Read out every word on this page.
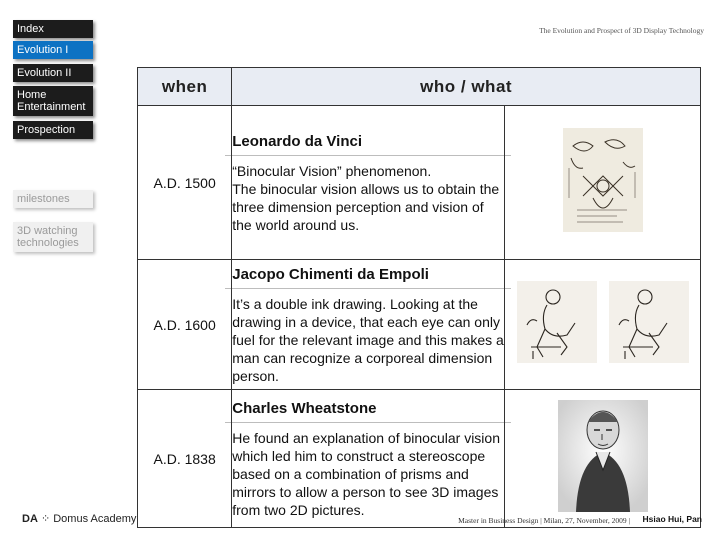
Index
Evolution I
Evolution II
Home Entertainment
Prospection
milestones
3D watching technologies
The Evolution and Prospect of 3D Display Technology
when	who / what	
A.D. 1500	Leonardo da Vinci
“Binocular Vision” phenomenon.
The binocular vision allows us to obtain the three dimension perception and vision of the world around us.

A.D. 1600	Jacopo Chimenti da Empoli
It’s a double ink drawing. Looking at the drawing in a device, that each eye can only fuel for the relevant image and this makes a man can recognize a corporeal dimension person.

A.D. 1838	Charles Wheatstone
He found an explanation of binocular vision which led him to construct a stereoscope based on a combination of prisms and mirrors to allow a person to see 3D images from two 2D pictures.

DA ⁘ Domus Academy	Master in Business Design | Milan, 27, November, 2009 | Hsiao Hui, Pan
